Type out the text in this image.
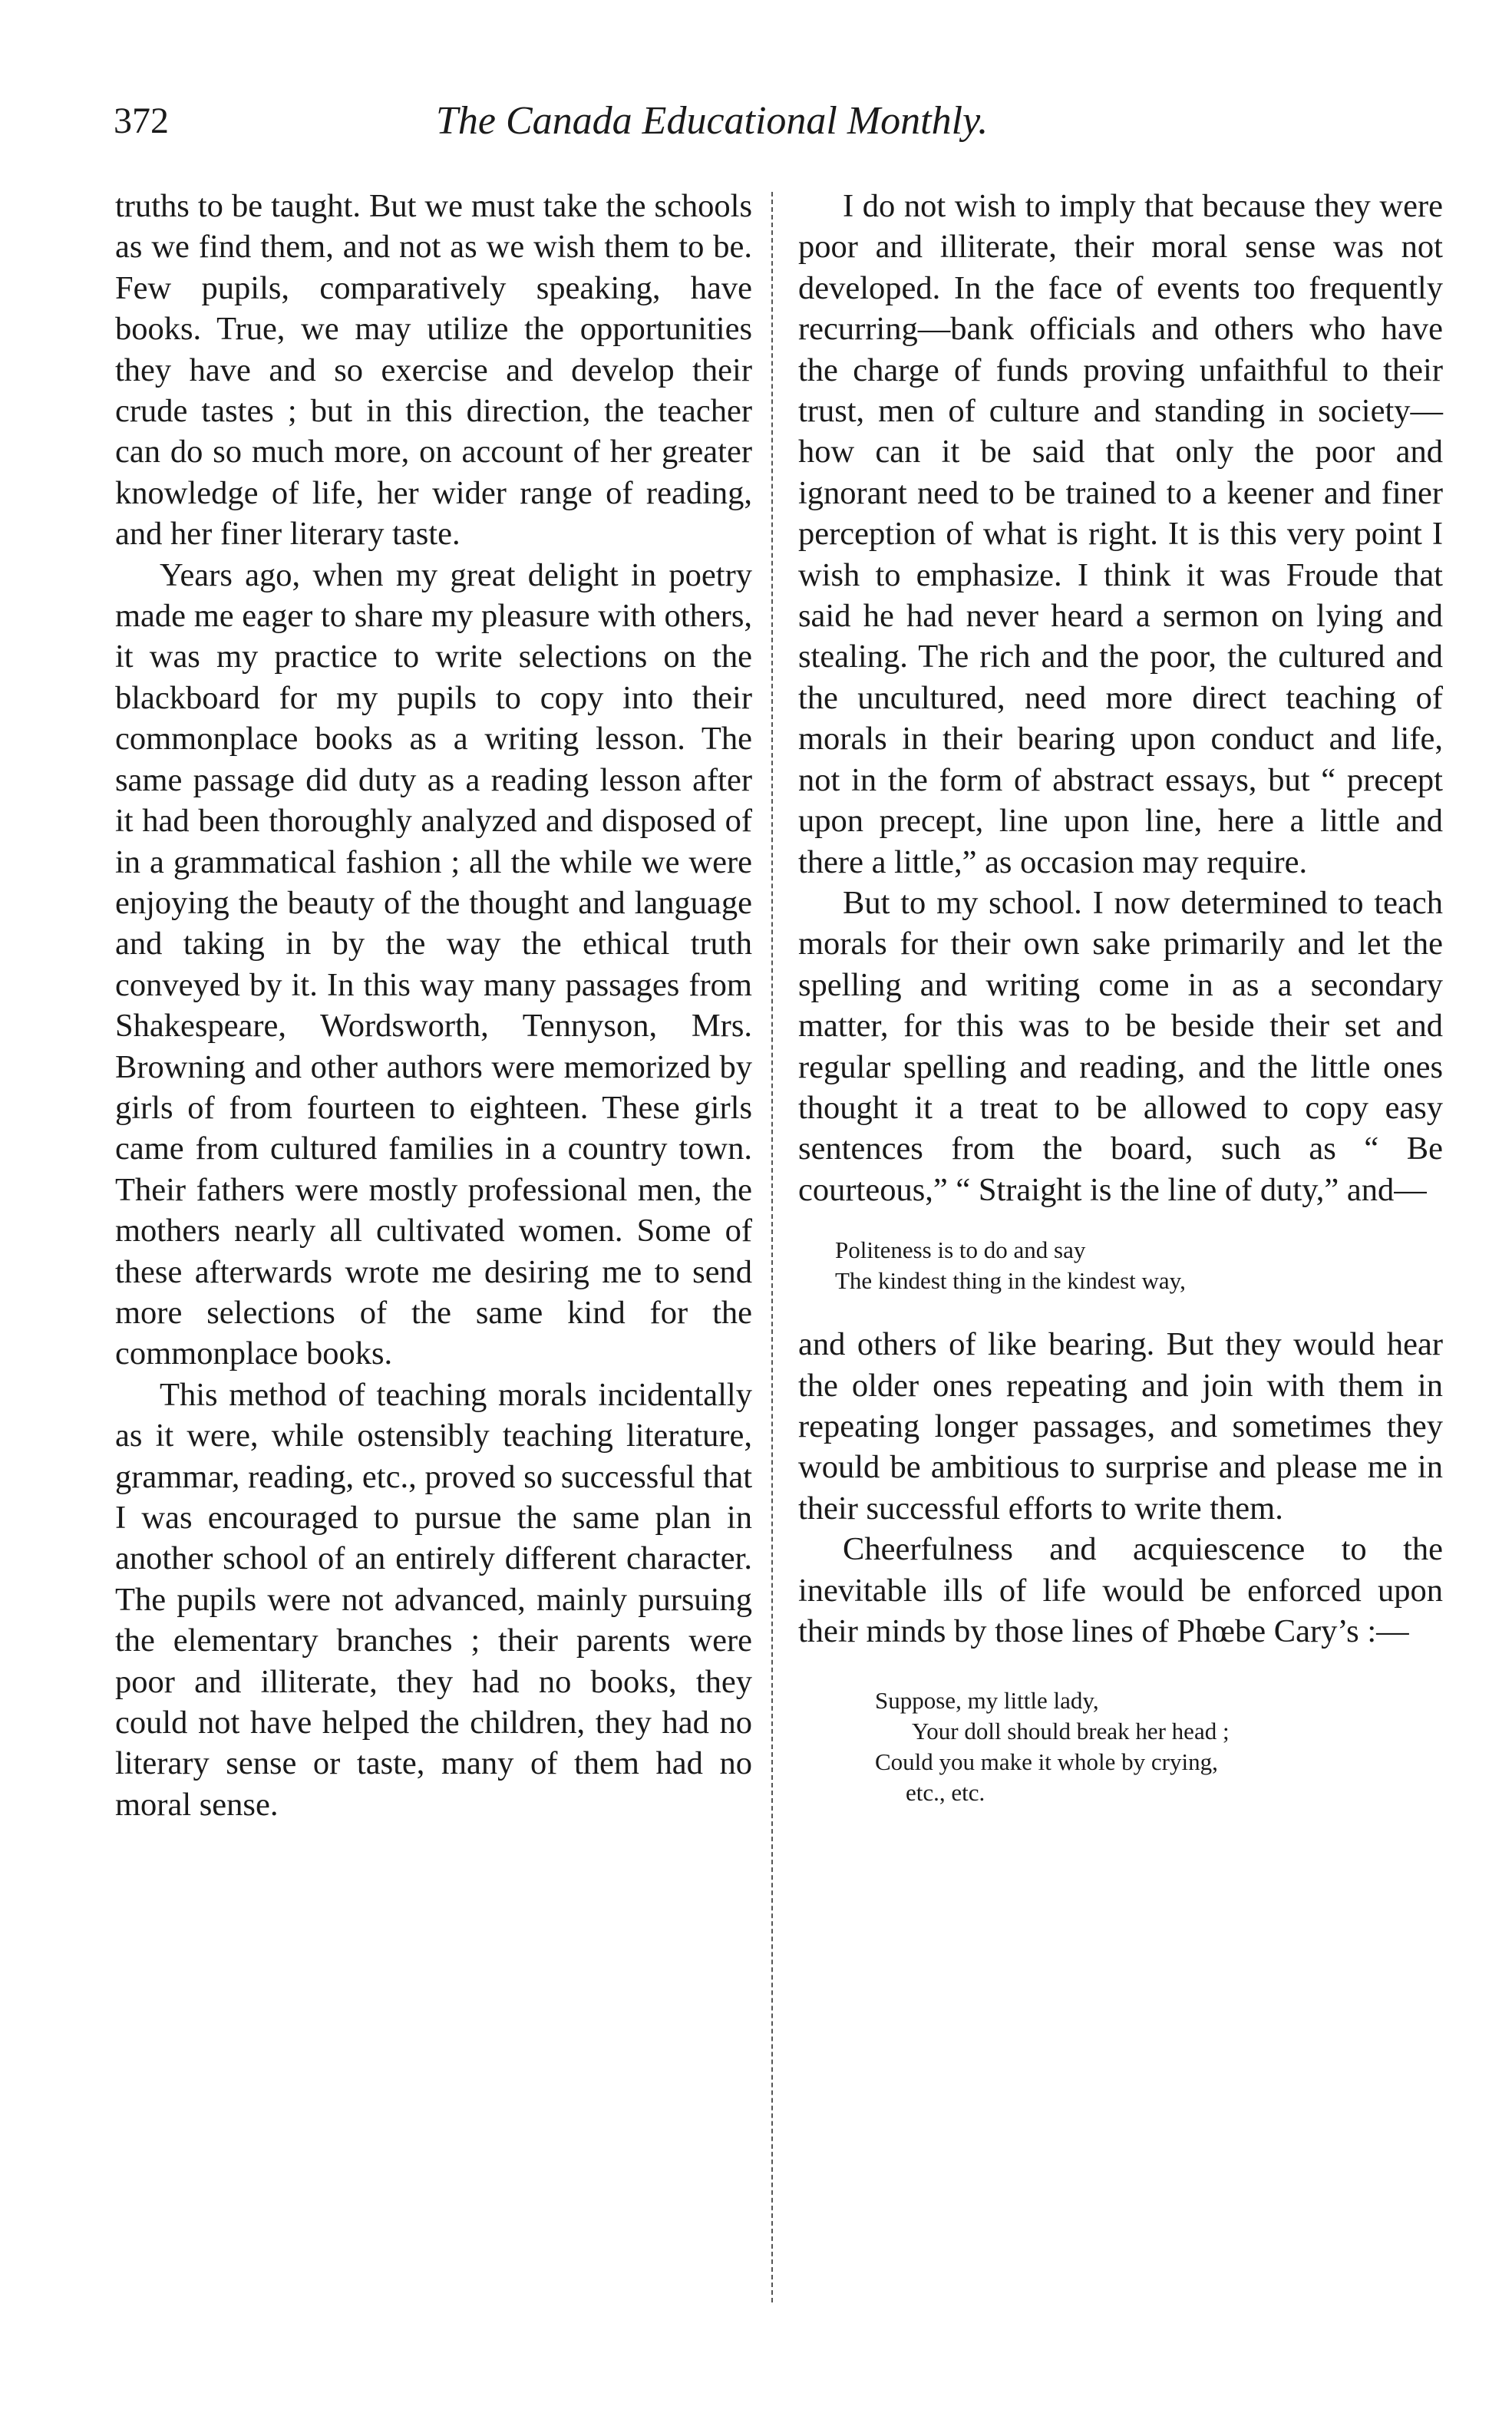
372	The Canada Educational Monthly.

truths to be taught. But we must take the schools as we find them, and not as we wish them to be. Few pupils, comparatively speaking, have books. True, we may utilize the opportunities they have and so exercise and develop their crude tastes ; but in this direction, the teacher can do so much more, on account of her greater knowledge of life, her wider range of reading, and her finer literary taste.

Years ago, when my great delight in poetry made me eager to share my pleasure with others, it was my practice to write selections on the blackboard for my pupils to copy into their commonplace books as a writing lesson. The same passage did duty as a reading lesson after it had been thoroughly analyzed and disposed of in a grammatical fashion ; all the while we were enjoying the beauty of the thought and language and taking in by the way the ethical truth conveyed by it. In this way many passages from Shakespeare, Wordsworth, Tennyson, Mrs. Browning and other authors were memorized by girls of from fourteen to eighteen. These girls came from cultured families in a country town. Their fathers were mostly professional men, the mothers nearly all cultivated women. Some of these afterwards wrote me desiring me to send more selections of the same kind for the commonplace books.

This method of teaching morals incidentally as it were, while ostensibly teaching literature, grammar, reading, etc., proved so successful that I was encouraged to pursue the same plan in another school of an entirely different character. The pupils were not advanced, mainly pursuing the elementary branches ; their parents were poor and illiterate, they had no books, they could not have helped the children, they had no literary sense or taste, many of them had no moral sense.

I do not wish to imply that because they were poor and illiterate, their moral sense was not developed. In the face of events too frequently recurring—bank officials and others who have the charge of funds proving unfaithful to their trust, men of culture and standing in society—how can it be said that only the poor and ignorant need to be trained to a keener and finer perception of what is right. It is this very point I wish to emphasize. I think it was Froude that said he had never heard a sermon on lying and stealing. The rich and the poor, the cultured and the uncultured, need more direct teaching of morals in their bearing upon conduct and life, not in the form of abstract essays, but “ precept upon precept, line upon line, here a little and there a little,” as occasion may require.

But to my school. I now determined to teach morals for their own sake primarily and let the spelling and writing come in as a secondary matter, for this was to be beside their set and regular spelling and reading, and the little ones thought it a treat to be allowed to copy easy sentences from the board, such as “ Be courteous,” “ Straight is the line of duty,” and—

Politeness is to do and say
The kindest thing in the kindest way,

and others of like bearing. But they would hear the older ones repeating and join with them in repeating longer passages, and sometimes they would be ambitious to surprise and please me in their successful efforts to write them.

Cheerfulness and acquiescence to the inevitable ills of life would be enforced upon their minds by those lines of Phœbe Cary’s :—

Suppose, my little lady,
Your doll should break her head ;
Could you make it whole by crying,
etc., etc.
